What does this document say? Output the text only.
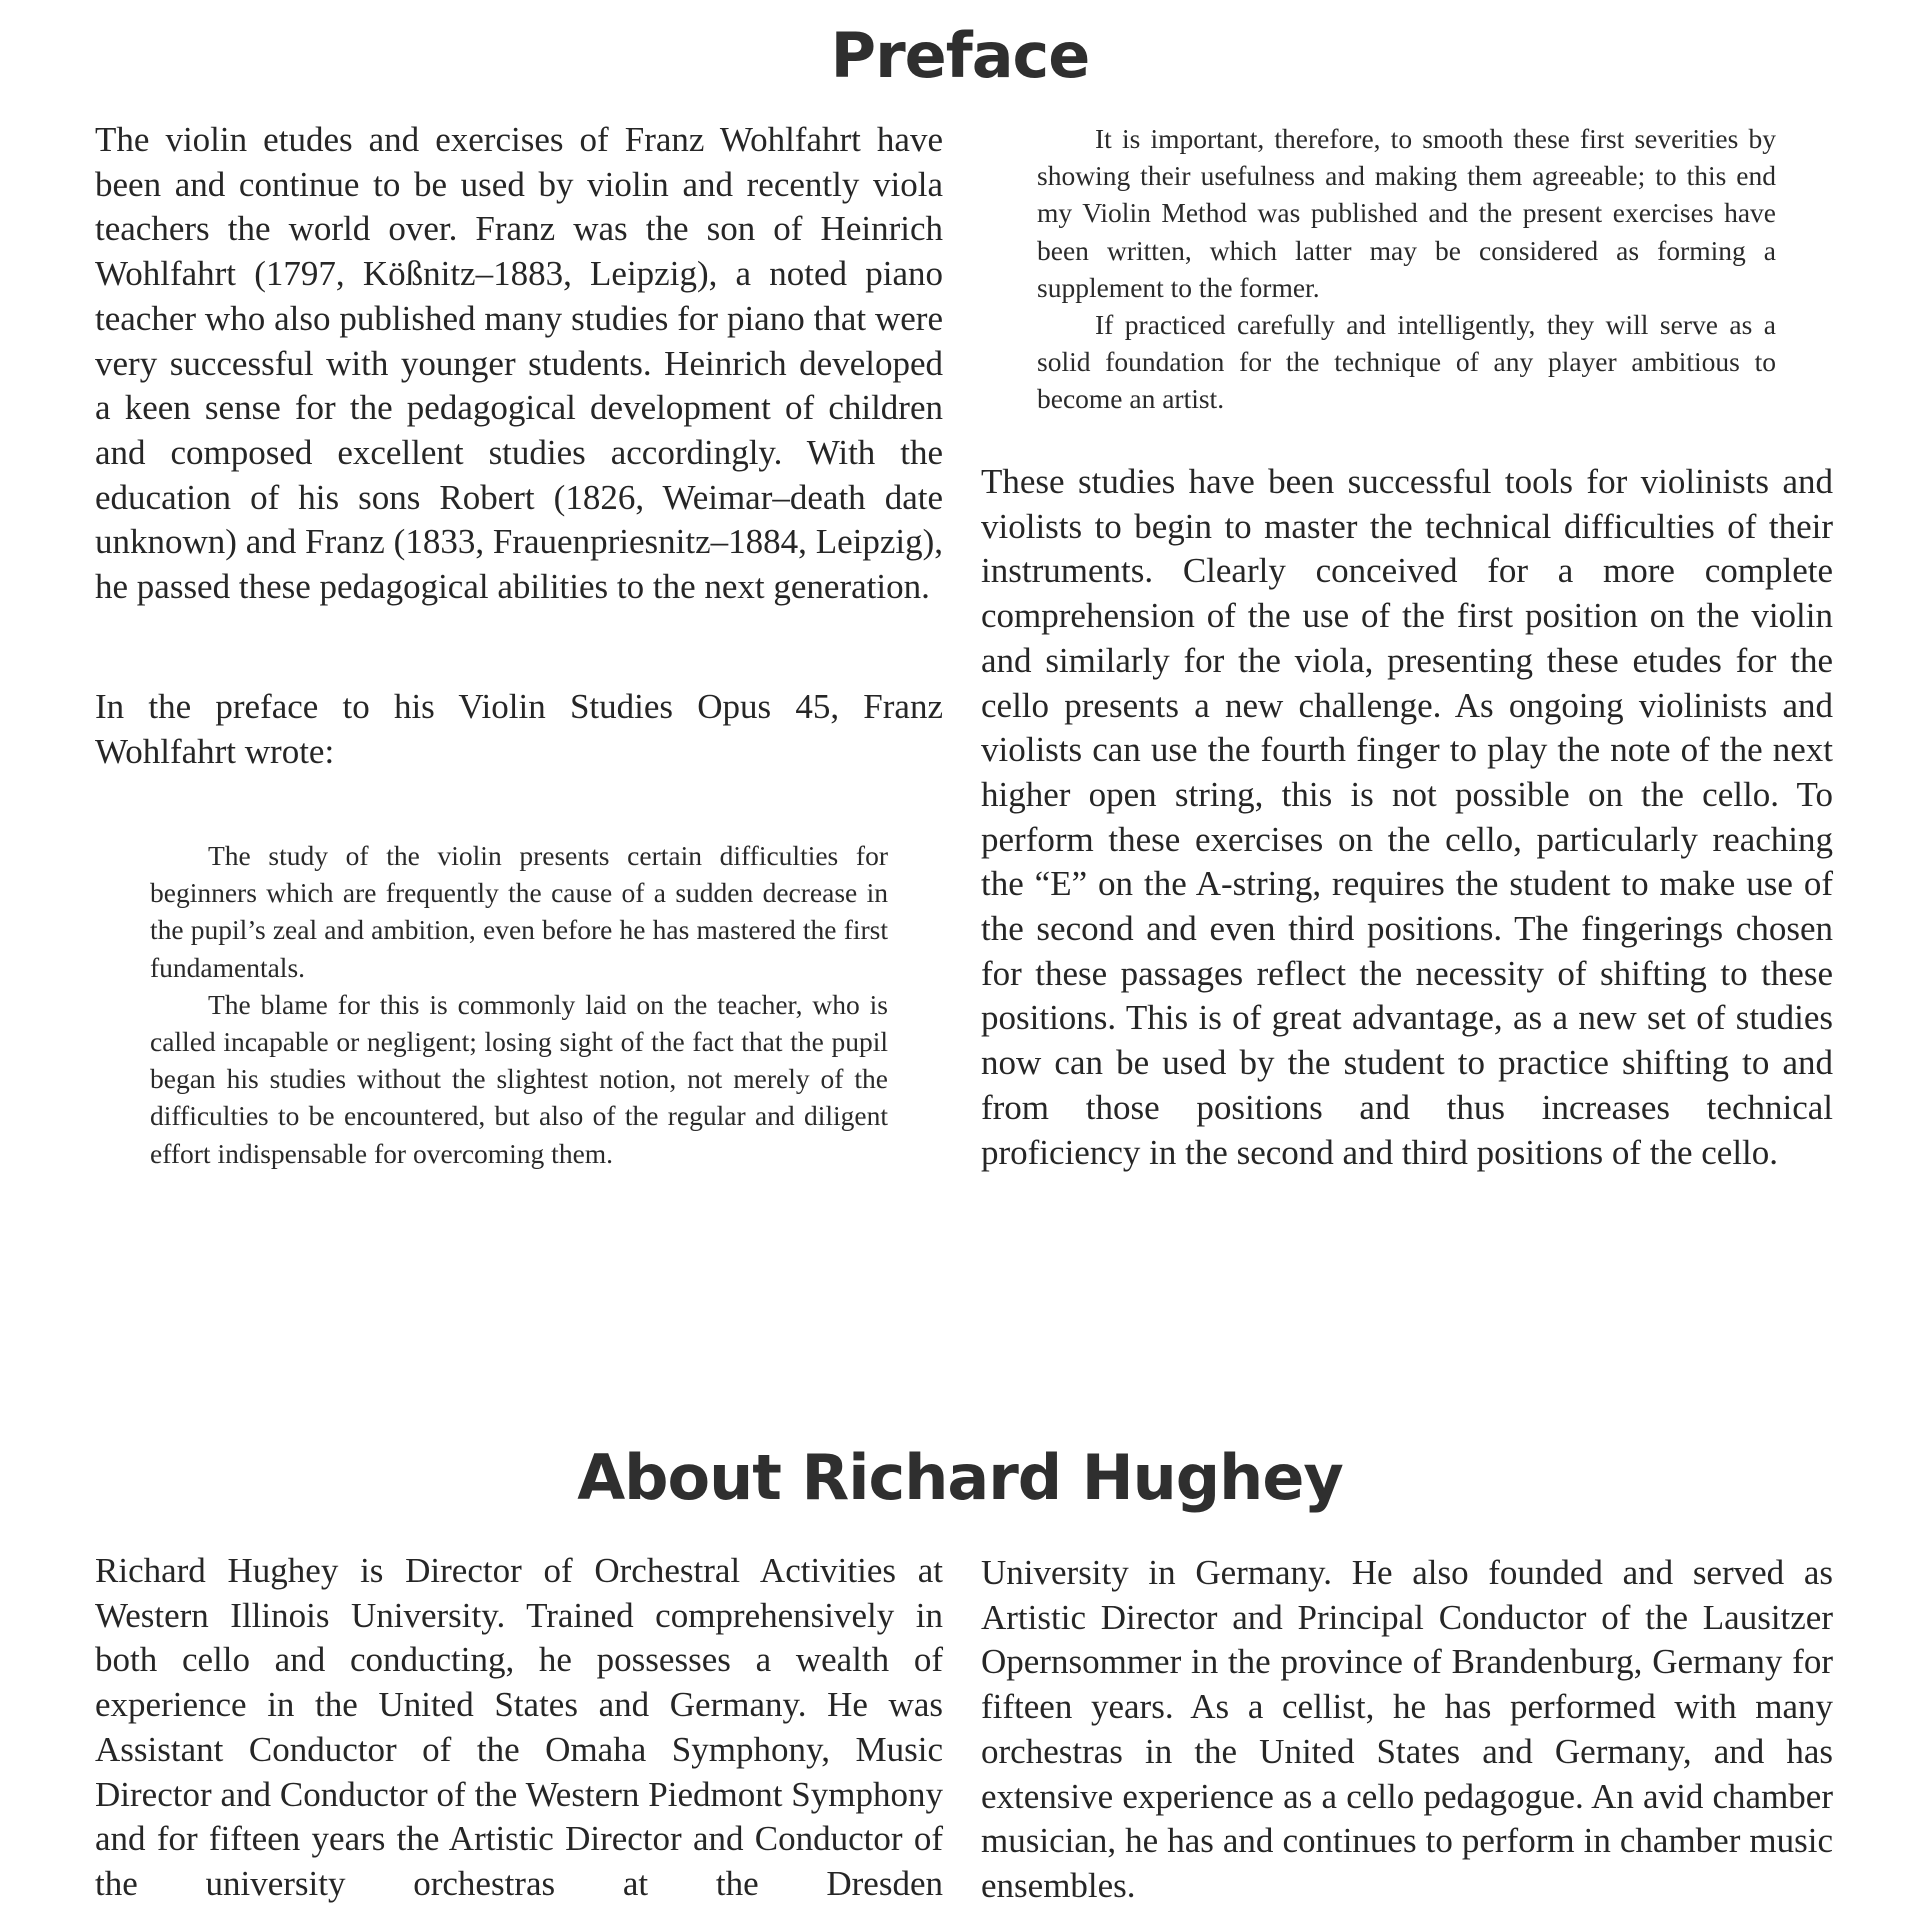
Preface

The violin etudes and exercises of Franz Wohlfahrt have been and continue to be used by violin and recently viola teachers the world over. Franz was the son of Heinrich Wohlfahrt (1797, Kößnitz–1883, Leipzig), a noted piano teacher who also published many studies for piano that were very successful with younger students. Heinrich developed a keen sense for the pedagogical development of children and composed excellent studies accordingly. With the education of his sons Robert (1826, Weimar–death date unknown) and Franz (1833, Frauenpriesnitz–1884, Leipzig), he passed these pedagogical abilities to the next generation.

In the preface to his Violin Studies Opus 45, Franz Wohlfahrt wrote:

The study of the violin presents certain difficulties for beginners which are frequently the cause of a sudden decrease in the pupil’s zeal and ambition, even before he has mastered the first fundamentals.

The blame for this is commonly laid on the teacher, who is called incapable or negligent; losing sight of the fact that the pupil began his studies without the slightest notion, not merely of the difficulties to be encountered, but also of the regular and diligent effort indispensable for overcoming them.

It is important, therefore, to smooth these first severities by showing their usefulness and making them agreeable; to this end my Violin Method was published and the present exercises have been written, which latter may be considered as forming a supplement to the former.

If practiced carefully and intelligently, they will serve as a solid foundation for the technique of any player ambitious to become an artist.

These studies have been successful tools for violinists and violists to begin to master the technical difficulties of their instruments. Clearly conceived for a more complete comprehension of the use of the first position on the violin and similarly for the viola, presenting these etudes for the cello presents a new challenge. As ongoing violinists and violists can use the fourth finger to play the note of the next higher open string, this is not possible on the cello. To perform these exercises on the cello, particularly reaching the “E” on the A-string, requires the student to make use of the second and even third positions. The fingerings chosen for these passages reflect the necessity of shifting to these positions. This is of great advantage, as a new set of studies now can be used by the student to practice shifting to and from those positions and thus increases technical proficiency in the second and third positions of the cello.

About Richard Hughey

Richard Hughey is Director of Orchestral Activities at Western Illinois University. Trained comprehensively in both cello and conducting, he possesses a wealth of experience in the United States and Germany. He was Assistant Conductor of the Omaha Symphony, Music Director and Conductor of the Western Piedmont Symphony and for fifteen years the Artistic Director and Conductor of the university orchestras at the Dresden

University in Germany. He also founded and served as Artistic Director and Principal Conductor of the Lausitzer Opernsommer in the province of Brandenburg, Germany for fifteen years. As a cellist, he has performed with many orchestras in the United States and Germany, and has extensive experience as a cello pedagogue. An avid chamber musician, he has and continues to perform in chamber music ensembles.
